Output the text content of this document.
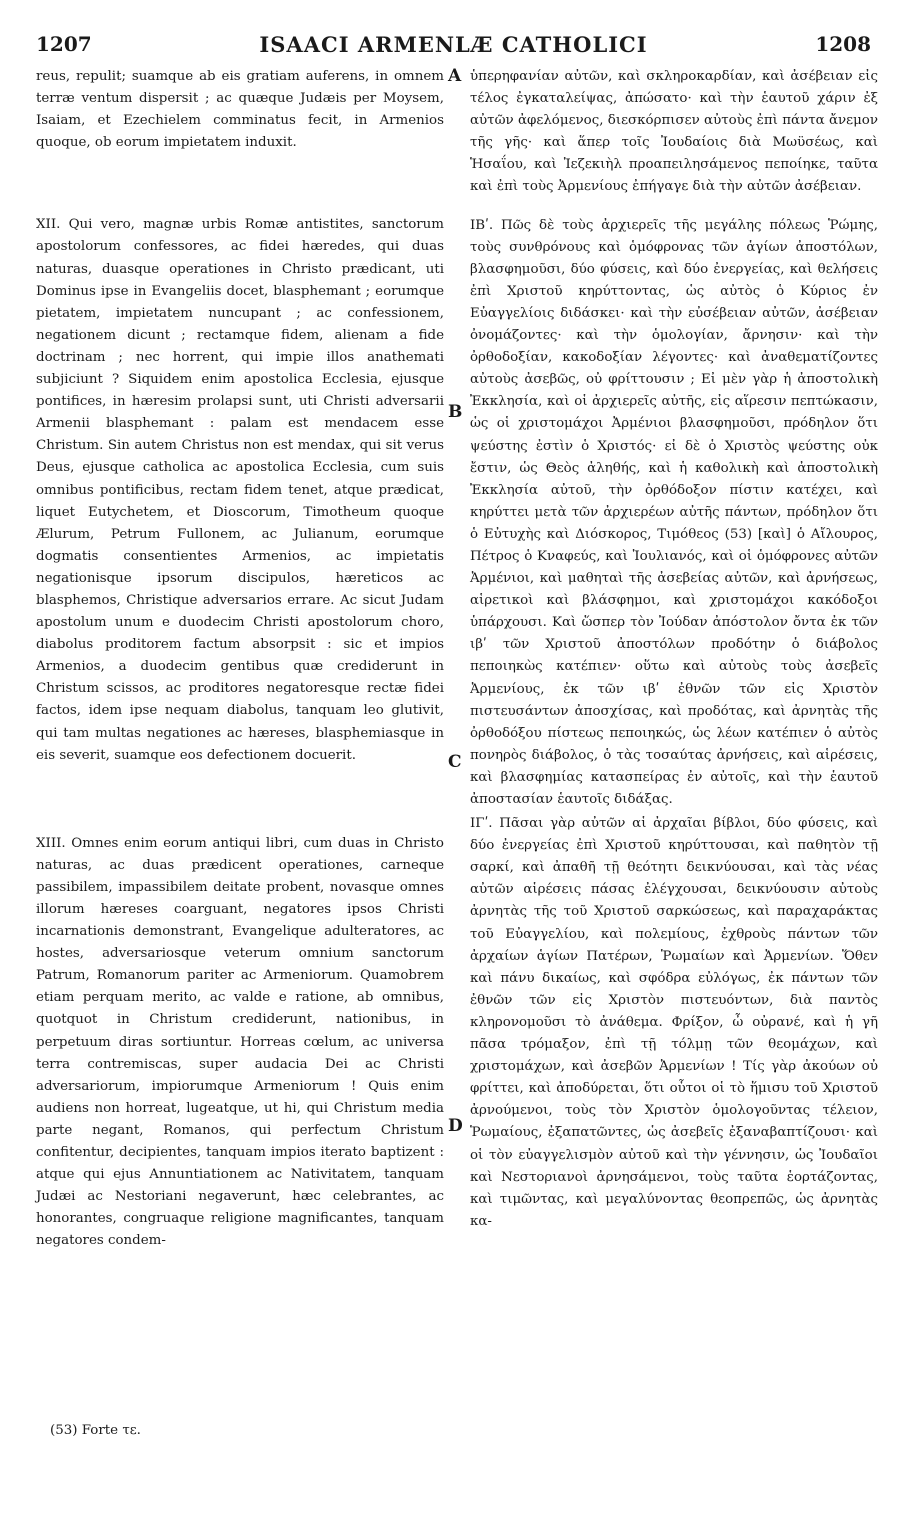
1207	ISAACI ARMENLÆ CATHOLICI	1208

reus, repulit; suamque ab eis gratiam auferens, in omnem terræ ventum dispersit ; ac quæque Judæis per Moysem, Isaiam, et Ezechielem comminatus fecit, in Armenios quoque, ob eorum impietatem induxit.

XII. Qui vero, magnæ urbis Romæ antistites, sanctorum apostolorum confessores, ac fidei hæredes, qui duas naturas, duasque operationes in Christo prædicant, uti Dominus ipse in Evangeliis docet, blasphemant ; eorumque pietatem, impietatem nuncupant ; ac confessionem, negationem dicunt ; rectamque fidem, alienam a fide doctrinam ; nec horrent, qui impie illos anathemati subjiciunt ? Siquidem enim apostolica Ecclesia, ejusque pontifices, in hæresim prolapsi sunt, uti Christi adversarii Armenii blasphemant : palam est mendacem esse Christum. Sin autem Christus non est mendax, qui sit verus Deus, ejusque catholica ac apostolica Ecclesia, cum suis omnibus pontificibus, rectam fidem tenet, atque prædicat, liquet Eutychetem, et Dioscorum, Timotheum quoque Ælurum, Petrum Fullonem, ac Julianum, eorumque dogmatis consentientes Armenios, ac impietatis negationisque ipsorum discipulos, hæreticos ac blasphemos, Christique adversarios errare. Ac sicut Judam apostolum unum e duodecim Christi apostolorum choro, diabolus proditorem factum absorpsit : sic et impios Armenios, a duodecim gentibus quæ crediderunt in Christum scissos, ac proditores negatoresque rectæ fidei factos, idem ipse nequam diabolus, tanquam leo glutivit, qui tam multas negationes ac hæreses, blasphemiasque in eis severit, suamque eos defectionem docuerit.

XIII. Omnes enim eorum antiqui libri, cum duas in Christo naturas, ac duas prædicent operationes, carneque passibilem, impassibilem deitate probent, novasque omnes illorum hæreses coarguant, negatores ipsos Christi incarnationis demonstrant, Evangelique adulteratores, ac hostes, adversariosque veterum omnium sanctorum Patrum, Romanorum pariter ac Armeniorum. Quamobrem etiam perquam merito, ac valde e ratione, ab omnibus, quotquot in Christum crediderunt, nationibus, in perpetuum diras sortiuntur. Horreas cœlum, ac universa terra contremiscas, super audacia Dei ac Christi adversariorum, impiorumque Armeniorum ! Quis enim audiens non horreat, lugeatque, ut hi, qui Christum media parte negant, Romanos, qui perfectum Christum confitentur, decipientes, tanquam impios iterato baptizent : atque qui ejus Annuntiationem ac Nativitatem, tanquam Judæi ac Nestoriani negaverunt, hæc celebrantes, ac honorantes, congruaque religione magnificantes, tanquam negatores condem-

A
B
C
D

ὑπερηφανίαν αὐτῶν, καὶ σκληροκαρδίαν, καὶ ἀσέβειαν εἰς τέλος ἐγκαταλείψας, ἀπώσατο· καὶ τὴν ἑαυτοῦ χάριν ἐξ αὐτῶν ἀφελόμενος, διεσκόρπισεν αὐτοὺς ἐπὶ πάντα ἄνεμον τῆς γῆς· καὶ ἅπερ τοῖς Ἰουδαίοις διὰ Μωϋσέως, καὶ Ἡσαΐου, καὶ Ἰεζεκιὴλ προαπειλησάμενος πεποίηκε, ταῦτα καὶ ἐπὶ τοὺς Ἀρμενίους ἐπήγαγε διὰ τὴν αὐτῶν ἀσέβειαν.

ΙΒʹ. Πῶς δὲ τοὺς ἀρχιερεῖς τῆς μεγάλης πόλεως Ῥώμης, τοὺς συνθρόνους καὶ ὁμόφρονας τῶν ἁγίων ἀποστόλων, βλασφημοῦσι, δύο φύσεις, καὶ δύο ἐνεργείας, καὶ θελήσεις ἐπὶ Χριστοῦ κηρύττοντας, ὡς αὐτὸς ὁ Κύριος ἐν Εὐαγγελίοις διδάσκει· καὶ τὴν εὐσέβειαν αὐτῶν, ἀσέβειαν ὀνομάζοντες· καὶ τὴν ὁμολογίαν, ἄρνησιν· καὶ τὴν ὀρθοδοξίαν, κακοδοξίαν λέγοντες· καὶ ἀναθεματίζοντες αὐτοὺς ἀσεβῶς, οὐ φρίττουσιν ; Εἰ μὲν γὰρ ἡ ἀποστολικὴ Ἐκκλησία, καὶ οἱ ἀρχιερεῖς αὐτῆς, εἰς αἵρεσιν πεπτώκασιν, ὡς οἱ χριστομάχοι Ἀρμένιοι βλασφημοῦσι, πρόδηλον ὅτι ψεύστης ἐστὶν ὁ Χριστός· εἰ δὲ ὁ Χριστὸς ψεύστης οὐκ ἔστιν, ὡς Θεὸς ἀληθής, καὶ ἡ καθολικὴ καὶ ἀποστολικὴ Ἐκκλησία αὐτοῦ, τὴν ὀρθόδοξον πίστιν κατέχει, καὶ κηρύττει μετὰ τῶν ἀρχιερέων αὐτῆς πάντων, πρόδηλον ὅτι ὁ Εὐτυχὴς καὶ Διόσκορος, Τιμόθεος (53) [καὶ] ὁ Αἴλουρος, Πέτρος ὁ Κναφεύς, καὶ Ἰουλιανός, καὶ οἱ ὁμόφρονες αὐτῶν Ἀρμένιοι, καὶ μαθηταὶ τῆς ἀσεβείας αὐτῶν, καὶ ἀρνήσεως, αἱρετικοὶ καὶ βλάσφημοι, καὶ χριστομάχοι κακόδοξοι ὑπάρχουσι. Καὶ ὥσπερ τὸν Ἰούδαν ἀπόστολον ὄντα ἐκ τῶν ιβʹ τῶν Χριστοῦ ἀποστόλων προδότην ὁ διάβολος πεποιηκὼς κατέπιεν· οὕτω καὶ αὐτοὺς τοὺς ἀσεβεῖς Ἀρμενίους, ἐκ τῶν ιβʹ ἐθνῶν τῶν εἰς Χριστὸν πιστευσάντων ἀποσχίσας, καὶ προδότας, καὶ ἀρνητὰς τῆς ὀρθοδόξου πίστεως πεποιηκώς, ὡς λέων κατέπιεν ὁ αὐτὸς πονηρὸς διάβολος, ὁ τὰς τοσαύτας ἀρνήσεις, καὶ αἱρέσεις, καὶ βλασφημίας κατασπείρας ἐν αὐτοῖς, καὶ τὴν ἑαυτοῦ ἀποστασίαν ἑαυτοῖς διδάξας.

ΙΓʹ. Πᾶσαι γὰρ αὐτῶν αἱ ἀρχαῖαι βίβλοι, δύο φύσεις, καὶ δύο ἐνεργείας ἐπὶ Χριστοῦ κηρύττουσαι, καὶ παθητὸν τῇ σαρκί, καὶ ἀπαθῆ τῇ θεότητι δεικνύουσαι, καὶ τὰς νέας αὐτῶν αἱρέσεις πάσας ἐλέγχουσαι, δεικνύουσιν αὐτοὺς ἀρνητὰς τῆς τοῦ Χριστοῦ σαρκώσεως, καὶ παραχαράκτας τοῦ Εὐαγγελίου, καὶ πολεμίους, ἐχθροὺς πάντων τῶν ἀρχαίων ἁγίων Πατέρων, Ῥωμαίων καὶ Ἀρμενίων. Ὅθεν καὶ πάνυ δικαίως, καὶ σφόδρα εὐλόγως, ἐκ πάντων τῶν ἐθνῶν τῶν εἰς Χριστὸν πιστευόντων, διὰ παντὸς κληρονομοῦσι τὸ ἀνάθεμα. Φρίξον, ὦ οὐρανέ, καὶ ἡ γῆ πᾶσα τρόμαξον, ἐπὶ τῇ τόλμῃ τῶν θεομάχων, καὶ χριστομάχων, καὶ ἀσεβῶν Ἀρμενίων ! Τίς γὰρ ἀκούων οὐ φρίττει, καὶ ἀποδύρεται, ὅτι οὗτοι οἱ τὸ ἥμισυ τοῦ Χριστοῦ ἀρνούμενοι, τοὺς τὸν Χριστὸν ὁμολογοῦντας τέλειον, Ῥωμαίους, ἐξαπατῶντες, ὡς ἀσεβεῖς ἐξαναβαπτίζουσι· καὶ οἱ τὸν εὐαγγελισμὸν αὐτοῦ καὶ τὴν γέννησιν, ὡς Ἰουδαῖοι καὶ Νεστοριανοὶ ἀρνησάμενοι, τοὺς ταῦτα ἑορτάζοντας, καὶ τιμῶντας, καὶ μεγαλύνοντας θεοπρεπῶς, ὡς ἀρνητὰς κα-

(53) Forte τε.
